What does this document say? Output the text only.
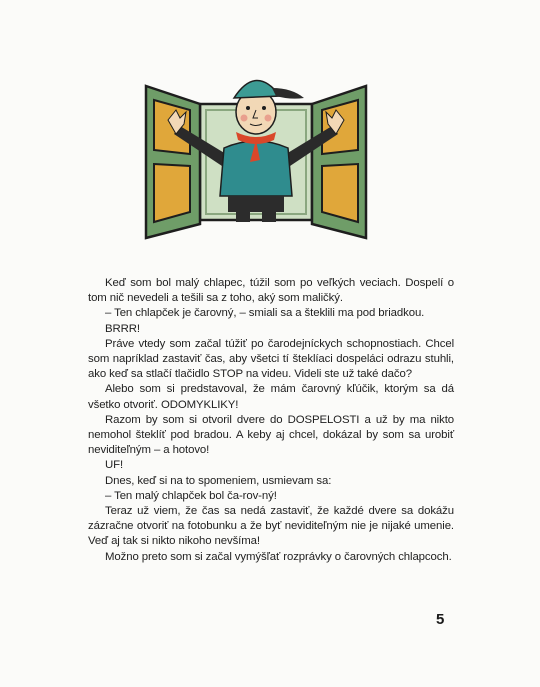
Keď som bol malý chlapec, túžil som po veľkých veciach. Dospelí o tom nič nevedeli a tešili sa z toho, aký som maličký.

– Ten chlapček je čarovný, – smiali sa a šteklili ma pod briadkou.

BRRR!

Práve vtedy som začal túžiť po čarodejníckych schopnostiach. Chcel som napríklad zastaviť čas, aby všetci tí šteklíaci dospeláci odrazu stuhli, ako keď sa stlačí tlačidlo STOP na videu. Videli ste už také dačo?

Alebo som si predstavoval, že mám čarovný kľúčik, ktorým sa dá všetko otvoriť. ODOMYKLIKY!

Razom by som si otvoril dvere do DOSPELOSTI a už by ma nikto nemohol šteklíť pod bradou. A keby aj chcel, dokázal by som sa urobiť neviditeľným – a hotovo!

UF!

Dnes, keď si na to spomeniem, usmievam sa:

– Ten malý chlapček bol ča-rov-ný!

Teraz už viem, že čas sa nedá zastaviť, že každé dvere sa dokážu zázračne otvoriť na fotobunku a že byť neviditeľným nie je nijaké umenie. Veď aj tak si nikto nikoho nevšíma!

Možno preto som si začal vymýšľať rozprávky o čarovných chlapcoch.

5
